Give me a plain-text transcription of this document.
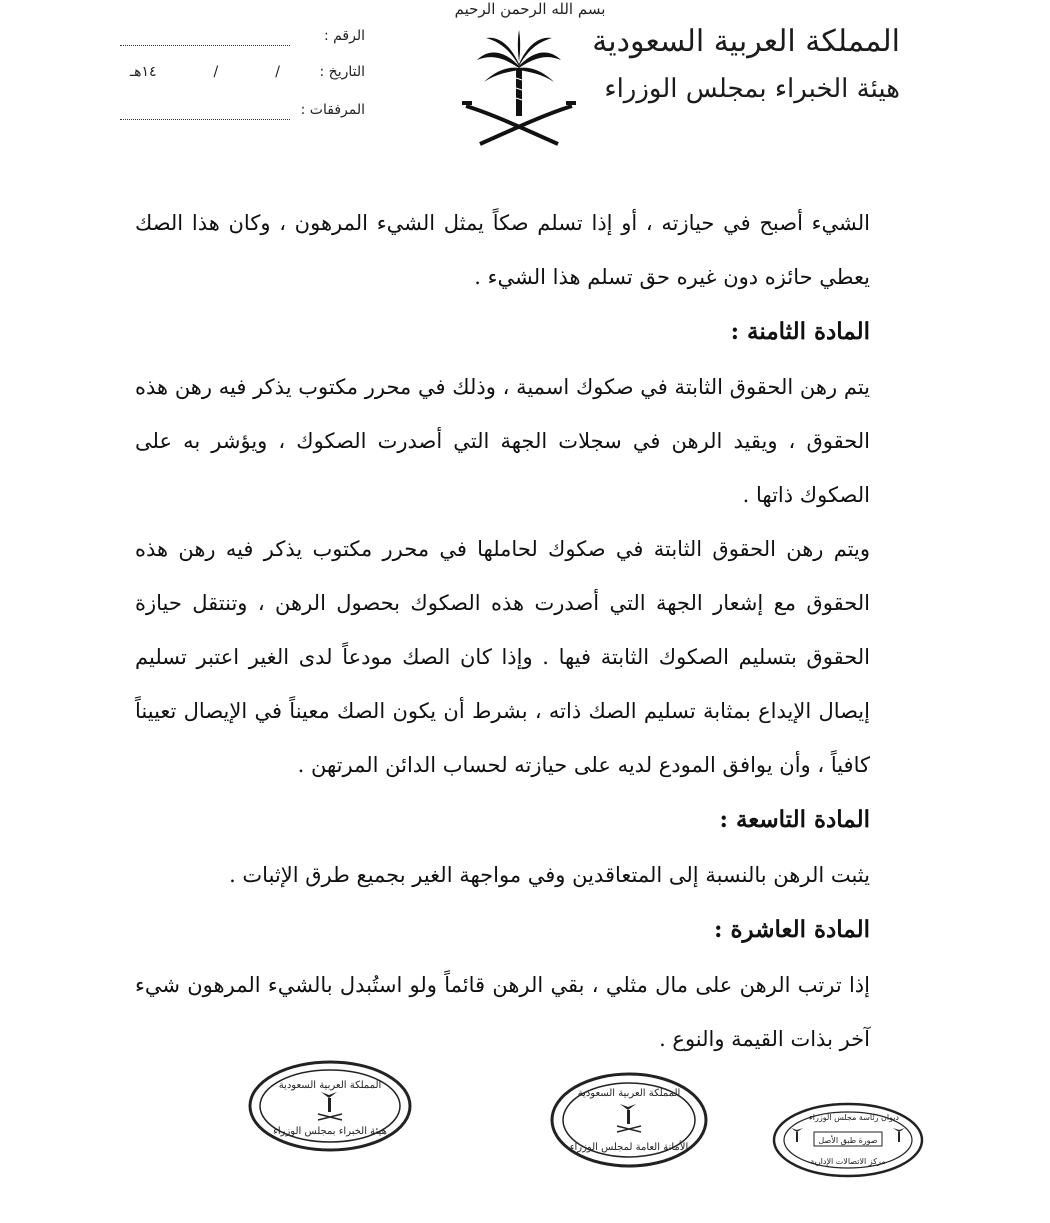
بسم الله الرحمن الرحيم
المملكة العربية السعودية
هيئة الخبراء بمجلس الوزراء
الرقم :
التاريخ :
/
/
١٤هـ
المرفقات :

الشيء أصبح في حيازته ، أو إذا تسلم صكاً يمثل الشيء المرهون ، وكان هذا الصك يعطي حائزه دون غيره حق تسلم هذا الشيء .

المادة الثامنة :

يتم رهن الحقوق الثابتة في صكوك اسمية ، وذلك في محرر مكتوب يذكر فيه رهن هذه الحقوق ، ويقيد الرهن في سجلات الجهة التي أصدرت الصكوك ، ويؤشر به على الصكوك ذاتها .

ويتم رهن الحقوق الثابتة في صكوك لحاملها في محرر مكتوب يذكر فيه رهن هذه الحقوق مع إشعار الجهة التي أصدرت هذه الصكوك بحصول الرهن ، وتنتقل حيازة الحقوق بتسليم الصكوك الثابتة فيها . وإذا كان الصك مودعاً لدى الغير اعتبر تسليم إيصال الإيداع بمثابة تسليم الصك ذاته ، بشرط أن يكون الصك معيناً في الإيصال تعييناً كافياً ، وأن يوافق المودع لديه على حيازته لحساب الدائن المرتهن .

المادة التاسعة :

يثبت الرهن بالنسبة إلى المتعاقدين وفي مواجهة الغير بجميع طرق الإثبات .

المادة العاشرة :

إذا ترتب الرهن على مال مثلي ، بقي الرهن قائماً ولو استُبدل بالشيء المرهون شيء آخر بذات القيمة والنوع .

المملكة العربية السعودية
هيئة الخبراء بمجلس الوزراء
المملكة العربية السعودية
الأمانة العامة لمجلس الوزراء
ديوان رئاسة مجلس الوزراء
صورة طبق الأصل
مركز الاتصالات الإدارية
